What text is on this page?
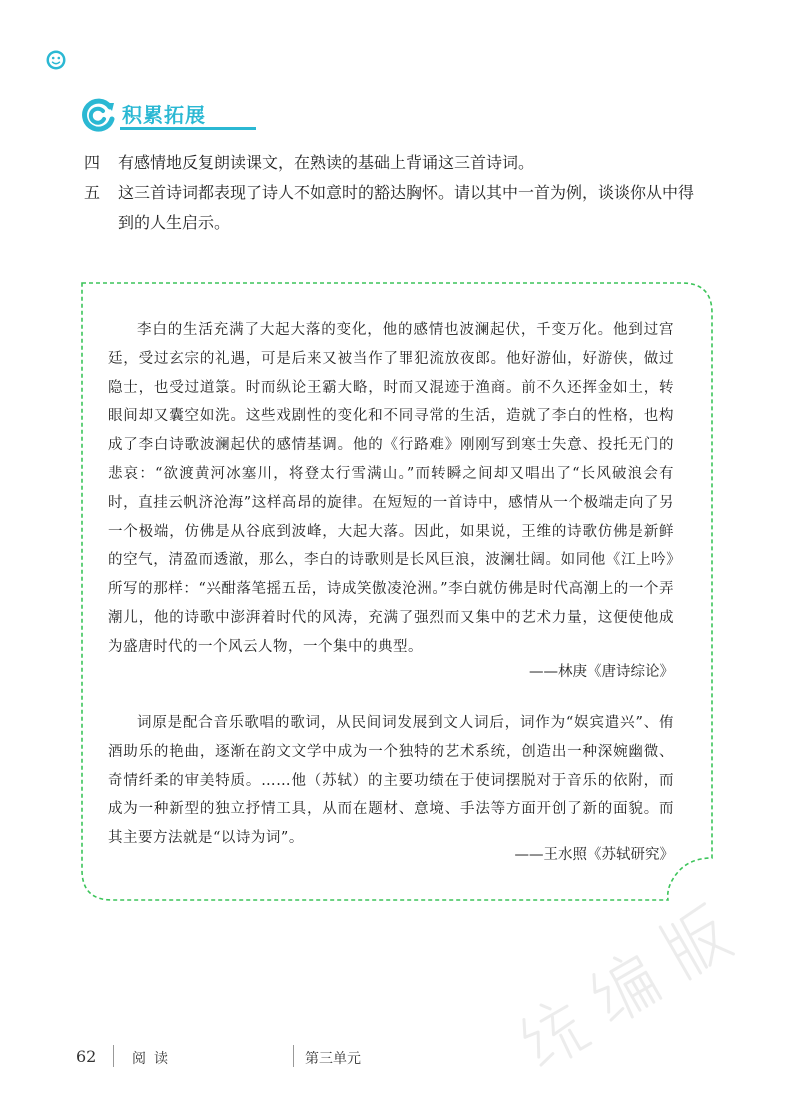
积累拓展
四 有感情地反复朗读课文，在熟读的基础上背诵这三首诗词。
五 这三首诗词都表现了诗人不如意时的豁达胸怀。请以其中一首为例，谈谈你从中得到的人生启示。
李白的生活充满了大起大落的变化，他的感情也波澜起伏，千变万化。他到过宫廷，受过玄宗的礼遇，可是后来又被当作了罪犯流放夜郎。他好游仙，好游侠，做过隐士，也受过道箓。时而纵论王霸大略，时而又混迹于渔商。前不久还挥金如土，转眼间却又囊空如洗。这些戏剧性的变化和不同寻常的生活，造就了李白的性格，也构成了李白诗歌波澜起伏的感情基调。他的《行路难》刚刚写到寒士失意、投托无门的悲哀：“欲渡黄河冰塞川，将登太行雪满山。”而转瞬之间却又唱出了“长风破浪会有时，直挂云帆济沧海”这样高昂的旋律。在短短的一首诗中，感情从一个极端走向了另一个极端，仿佛是从谷底到波峰，大起大落。因此，如果说，王维的诗歌仿佛是新鲜的空气，清盈而透澈，那么，李白的诗歌则是长风巨浪，波澜壮阔。如同他《江上吟》所写的那样：“兴酣落笔摇五岳，诗成笑傲凌沧洲。”李白就仿佛是时代高潮上的一个弄潮儿，他的诗歌中澎湃着时代的风涛，充满了强烈而又集中的艺术力量，这便使他成为盛唐时代的一个风云人物，一个集中的典型。
——林庚《唐诗综论》
词原是配合音乐歌唱的歌词，从民间词发展到文人词后，词作为“娱宾遣兴”、侑酒助乐的艳曲，逐渐在韵文文学中成为一个独特的艺术系统，创造出一种深婉幽微、奇情纤柔的审美特质。……他（苏轼）的主要功绩在于使词摆脱对于音乐的依附，而成为一种新型的独立抒情工具，从而在题材、意境、手法等方面开创了新的面貌。而其主要方法就是“以诗为词”。
——王水照《苏轼研究》
62	阅读	第三单元
